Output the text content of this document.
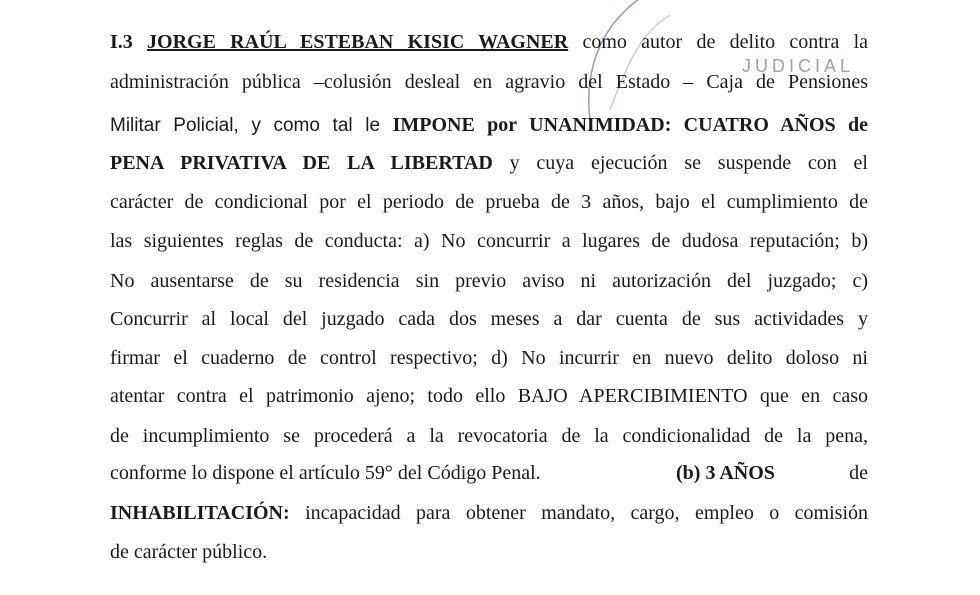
JUDICIAL
I.3 JORGE RAÚL ESTEBAN KISIC WAGNER como autor de delito contra la
administración pública –colusión desleal en agravio del Estado – Caja de Pensiones
Militar Policial, y como tal le IMPONE por UNANIMIDAD: CUATRO AÑOS de
PENA PRIVATIVA DE LA LIBERTAD y cuya ejecución se suspende con el
carácter de condicional por el periodo de prueba de 3 años, bajo el cumplimiento de
las siguientes reglas de conducta: a) No concurrir a lugares de dudosa reputación; b)
No ausentarse de su residencia sin previo aviso ni autorización del juzgado; c)
Concurrir al local del juzgado cada dos meses a dar cuenta de sus actividades y
firmar el cuaderno de control respectivo; d) No incurrir en nuevo delito doloso ni
atentar contra el patrimonio ajeno; todo ello BAJO APERCIBIMIENTO que en caso
de incumplimiento se procederá a la revocatoria de la condicionalidad de la pena,
conforme lo dispone el artículo 59° del Código Penal.	(b) 3 AÑOS	de
INHABILITACIÓN: incapacidad para obtener mandato, cargo, empleo o comisión
de carácter público.
